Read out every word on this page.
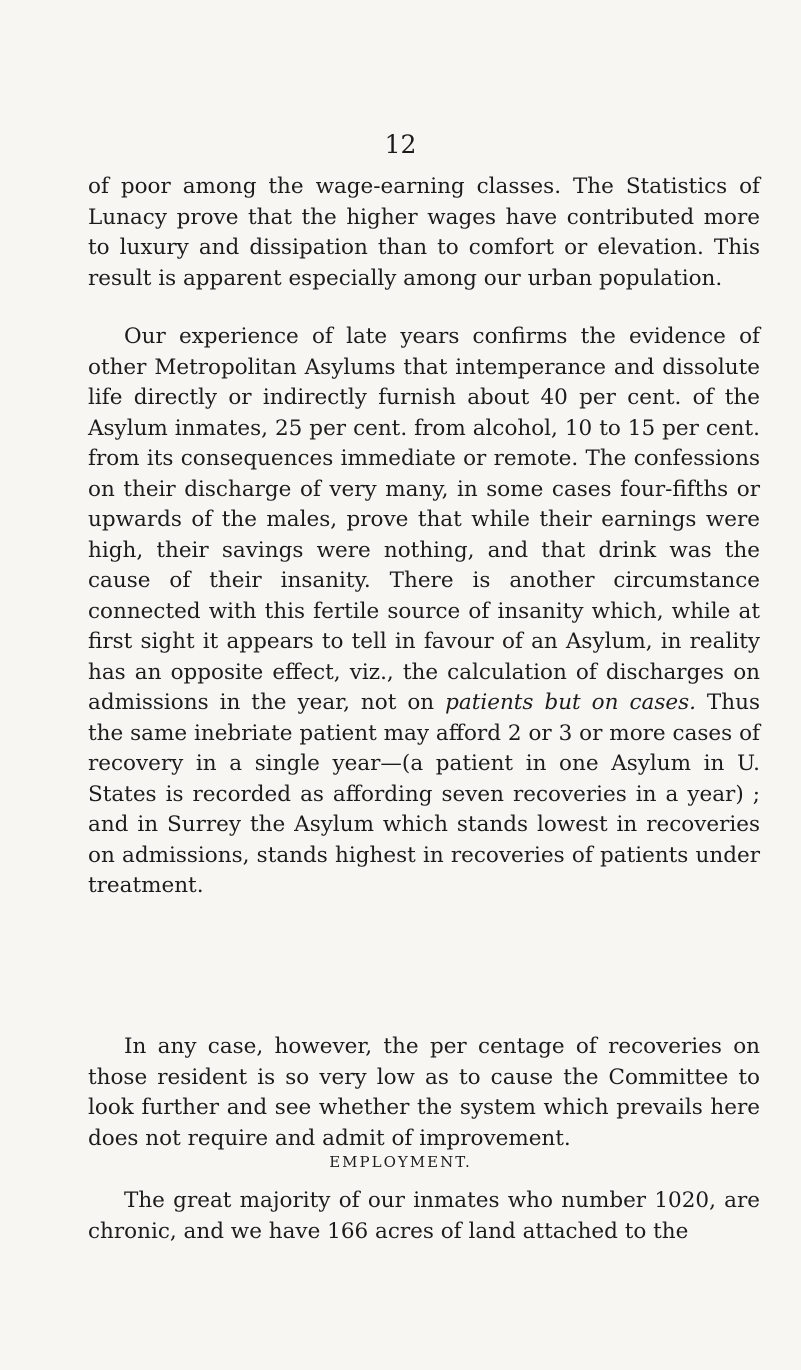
12

of poor among the wage-earning classes. The Statistics of Lunacy prove that the higher wages have contributed more to luxury and dissipation than to comfort or elevation. This result is apparent especially among our urban population.

Our experience of late years confirms the evidence of other Metropolitan Asylums that intemperance and dissolute life directly or indirectly furnish about 40 per cent. of the Asylum inmates, 25 per cent. from alcohol, 10 to 15 per cent. from its consequences immediate or remote. The confessions on their discharge of very many, in some cases four-fifths or upwards of the males, prove that while their earnings were high, their savings were nothing, and that drink was the cause of their insanity. There is another circumstance connected with this fertile source of insanity which, while at first sight it appears to tell in favour of an Asylum, in reality has an opposite effect, viz., the calculation of discharges on admissions in the year, not on patients but on cases. Thus the same inebriate patient may afford 2 or 3 or more cases of recovery in a single year—(a patient in one Asylum in U. States is recorded as affording seven recoveries in a year) ; and in Surrey the Asylum which stands lowest in recoveries on admissions, stands highest in recoveries of patients under treatment.

In any case, however, the per centage of recoveries on those resident is so very low as to cause the Committee to look further and see whether the system which prevails here does not require and admit of improvement.

EMPLOYMENT.

The great majority of our inmates who number 1020, are chronic, and we have 166 acres of land attached to the
